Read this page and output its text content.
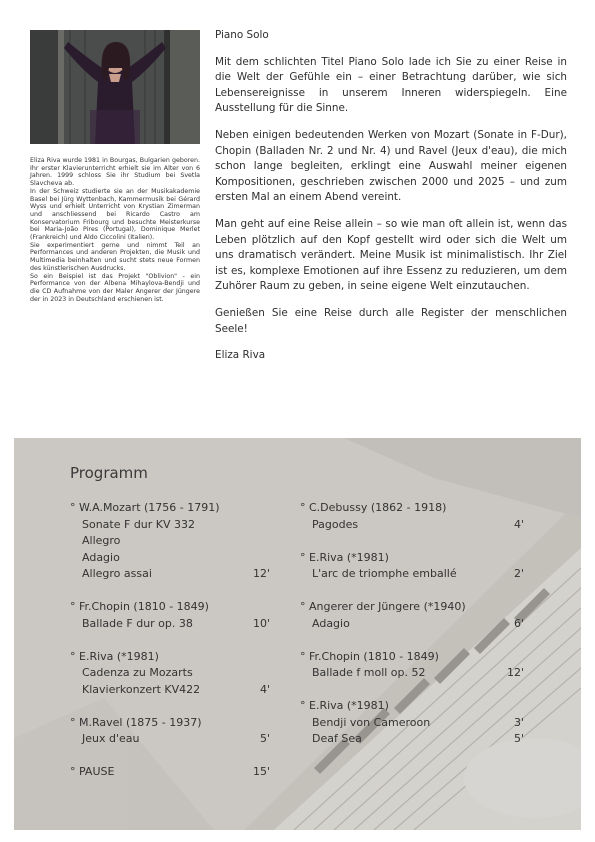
Eliza Riva wurde 1981 in Bourgas, Bulgarien geboren. Ihr erster Klavierunterricht erhielt sie im Alter von 6 Jahren. 1999 schloss Sie ihr Studium bei Svetla Slavcheva ab.

In der Schweiz studierte sie an der Musikakademie Basel bei Jürg Wyttenbach, Kammermusik bei Gérard Wyss und erhielt Unterricht von Krystian Zimerman und anschliessend bei Ricardo Castro am Konservatorium Fribourg und besuchte Meisterkurse bei Maria-João Pires (Portugal), Dominique Merlet (Frankreich) und Aldo Ciccolini (Italien).

Sie experimentiert gerne und nimmt Teil an Performances und anderen Projekten, die Musik und Multimedia beinhalten und sucht stets neue Formen des künstlerischen Ausdrucks.

So ein Beispiel ist das Projekt "Oblivion" - ein Performance von der Albena Mihaylova-Bendji und die CD Aufnahme von der Maler Angerer der Jüngere der in 2023 in Deutschland erschienen ist.

Piano Solo

Mit dem schlichten Titel Piano Solo lade ich Sie zu einer Reise in die Welt der Gefühle ein – einer Betrachtung darüber, wie sich Lebensereignisse in unserem Inneren widerspiegeln. Eine Ausstellung für die Sinne.

Neben einigen bedeutenden Werken von Mozart (Sonate in F-Dur), Chopin (Balladen Nr. 2 und Nr. 4) und Ravel (Jeux d'eau), die mich schon lange begleiten, erklingt eine Auswahl meiner eigenen Kompositionen, geschrieben zwischen 2000 und 2025 – und zum ersten Mal an einem Abend vereint.

Man geht auf eine Reise allein – so wie man oft allein ist, wenn das Leben plötzlich auf den Kopf gestellt wird oder sich die Welt um uns dramatisch verändert. Meine Musik ist minimalistisch. Ihr Ziel ist es, komplexe Emotionen auf ihre Essenz zu reduzieren, um dem Zuhörer Raum zu geben, in seine eigene Welt einzutauchen.

Genießen Sie eine Reise durch alle Register der menschlichen Seele!

Eliza Riva

Programm
° W.A.Mozart (1756 - 1791)
Sonate F dur KV 332
Allegro
Adagio
Allegro assai	12'
° Fr.Chopin (1810 - 1849)
Ballade F dur op. 38	10'
° E.Riva (*1981)
Cadenza zu Mozarts
Klavierkonzert KV422	4'
° M.Ravel (1875 - 1937)
Jeux d'eau	5'
° PAUSE	15'
° C.Debussy (1862 - 1918)
Pagodes	4'
° E.Riva (*1981)
L'arc de triomphe emballé	2'
° Angerer der Jüngere (*1940)
Adagio	6'
° Fr.Chopin (1810 - 1849)
Ballade f moll op. 52	12'
° E.Riva (*1981)
Bendji von Cameroon	3'
Deaf Sea	5'
